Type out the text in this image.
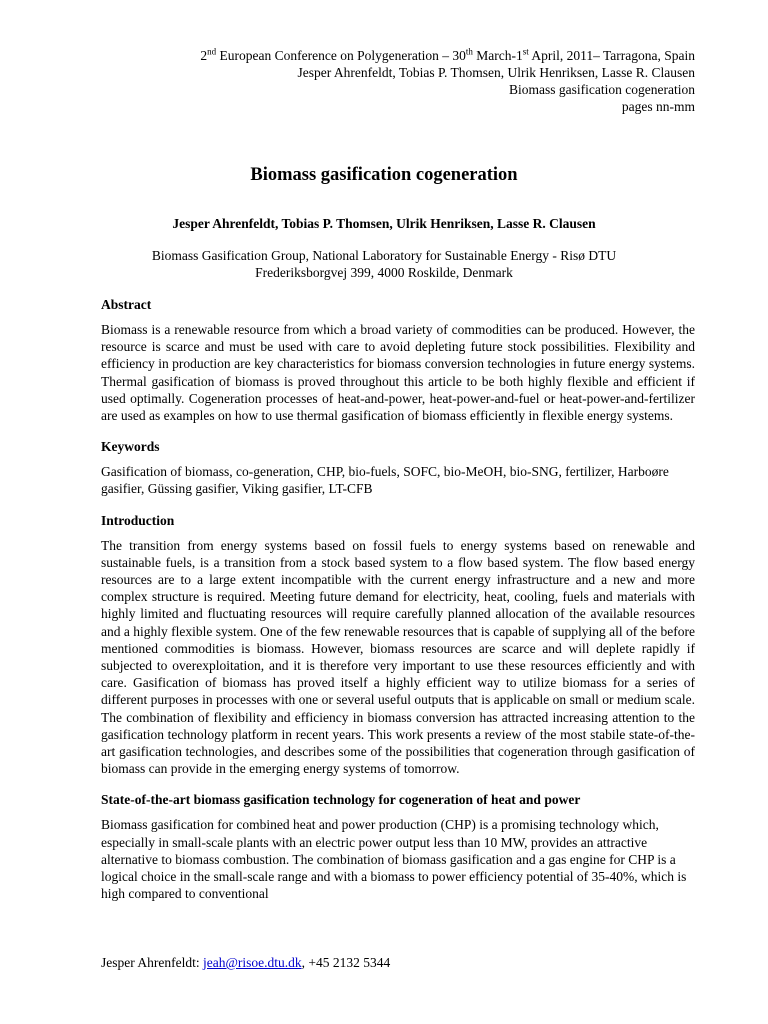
2nd European Conference on Polygeneration – 30th March-1st April, 2011– Tarragona, Spain
Jesper Ahrenfeldt, Tobias P. Thomsen, Ulrik Henriksen, Lasse R. Clausen
Biomass gasification cogeneration
pages nn-mm
Biomass gasification cogeneration
Jesper Ahrenfeldt, Tobias P. Thomsen, Ulrik Henriksen, Lasse R. Clausen
Biomass Gasification Group, National Laboratory for Sustainable Energy - Risø DTU
Frederiksborgvej 399, 4000 Roskilde, Denmark
Abstract

Biomass is a renewable resource from which a broad variety of commodities can be produced. However, the resource is scarce and must be used with care to avoid depleting future stock possibilities. Flexibility and efficiency in production are key characteristics for biomass conversion technologies in future energy systems. Thermal gasification of biomass is proved throughout this article to be both highly flexible and efficient if used optimally. Cogeneration processes of heat-and-power, heat-power-and-fuel or heat-power-and-fertilizer are used as examples on how to use thermal gasification of biomass efficiently in flexible energy systems.

Keywords

Gasification of biomass, co-generation, CHP, bio-fuels, SOFC, bio-MeOH, bio-SNG, fertilizer, Harboøre gasifier, Güssing gasifier, Viking gasifier, LT-CFB

Introduction

The transition from energy systems based on fossil fuels to energy systems based on renewable and sustainable fuels, is a transition from a stock based system to a flow based system. The flow based energy resources are to a large extent incompatible with the current energy infrastructure and a new and more complex structure is required. Meeting future demand for electricity, heat, cooling, fuels and materials with highly limited and fluctuating resources will require carefully planned allocation of the available resources and a highly flexible system. One of the few renewable resources that is capable of supplying all of the before mentioned commodities is biomass. However, biomass resources are scarce and will deplete rapidly if subjected to overexploitation, and it is therefore very important to use these resources efficiently and with care. Gasification of biomass has proved itself a highly efficient way to utilize biomass for a series of different purposes in processes with one or several useful outputs that is applicable on small or medium scale. The combination of flexibility and efficiency in biomass conversion has attracted increasing attention to the gasification technology platform in recent years. This work presents a review of the most stabile state-of-the-art gasification technologies, and describes some of the possibilities that cogeneration through gasification of biomass can provide in the emerging energy systems of tomorrow.

State-of-the-art biomass gasification technology for cogeneration of heat and power

Biomass gasification for combined heat and power production (CHP) is a promising technology which, especially in small-scale plants with an electric power output less than 10 MW, provides an attractive alternative to biomass combustion. The combination of biomass gasification and a gas engine for CHP is a logical choice in the small-scale range and with a biomass to power efficiency potential of 35-40%, which is high compared to conventional

Jesper Ahrenfeldt: jeah@risoe.dtu.dk, +45 2132 5344
